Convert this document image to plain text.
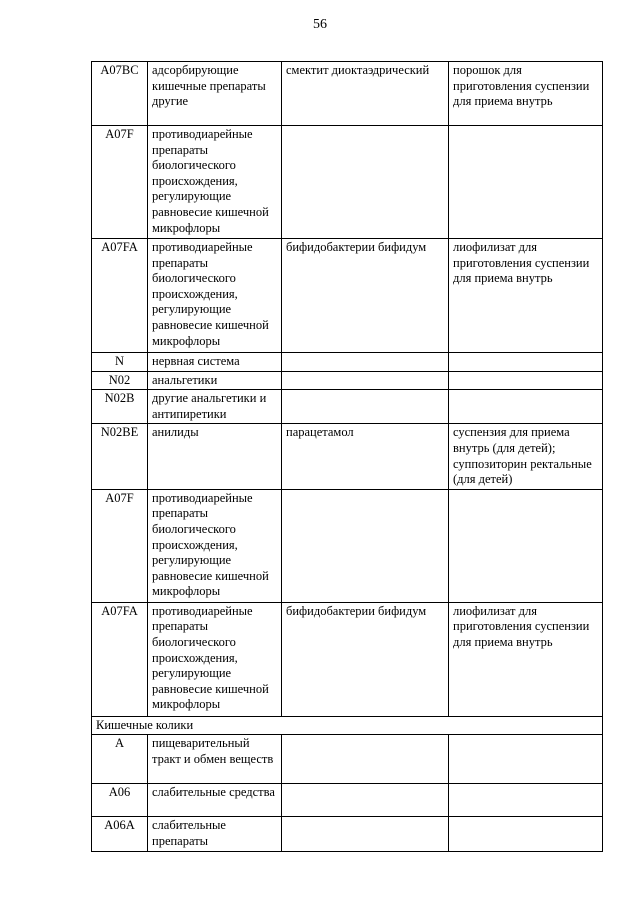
56
A07BC	адсорбирующие кишечные препараты другие	смектит диоктаэдрический	порошок для приготовления суспензии для приема внутрь
A07F	противодиарейные препараты биологического происхождения, регулирующие равновесие кишечной микрофлоры		
A07FA	противодиарейные препараты биологического происхождения, регулирующие равновесие кишечной микрофлоры	бифидобактерии бифидум	лиофилизат для приготовления суспензии для приема внутрь
N	нервная система		
N02	анальгетики		
N02B	другие анальгетики и антипиретики		
N02BE	анилиды	парацетамол	суспензия для приема внутрь (для детей); суппозиторин ректальные (для детей)
A07F	противодиарейные препараты биологического происхождения, регулирующие равновесие кишечной микрофлоры		
A07FA	противодиарейные препараты биологического происхождения, регулирующие равновесие кишечной микрофлоры	бифидобактерии бифидум	лиофилизат для приготовления суспензии для приема внутрь
Кишечные колики			
A	пищеварительный тракт и обмен веществ		
A06	слабительные средства		
A06A	слабительные препараты		
